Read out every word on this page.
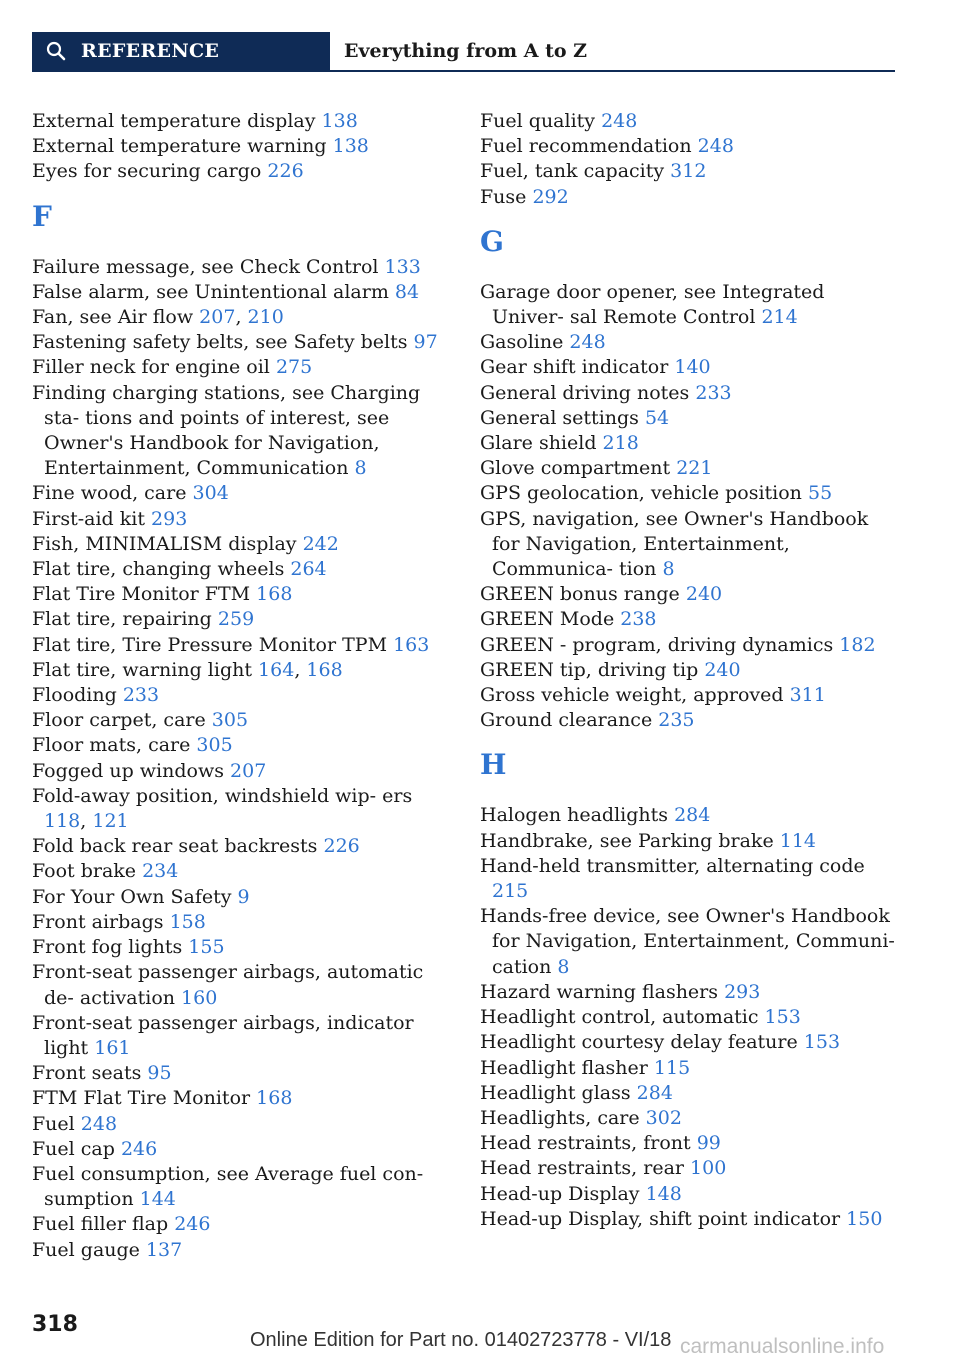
REFERENCE	Everything from A to Z
External temperature display 138
External temperature warning 138
Eyes for securing cargo 226
F
Failure message, see Check Control 133
False alarm, see Unintentional alarm 84
Fan, see Air flow 207, 210
Fastening safety belts, see Safety belts 97
Filler neck for engine oil 275
Finding charging stations, see Charging sta- tions and points of interest, see Owner's Handbook for Navigation, Entertainment, Communication 8
Fine wood, care 304
First-aid kit 293
Fish, MINIMALISM display 242
Flat tire, changing wheels 264
Flat Tire Monitor FTM 168
Flat tire, repairing 259
Flat tire, Tire Pressure Monitor TPM 163
Flat tire, warning light 164, 168
Flooding 233
Floor carpet, care 305
Floor mats, care 305
Fogged up windows 207
Fold-away position, windshield wip- ers 118, 121
Fold back rear seat backrests 226
Foot brake 234
For Your Own Safety 9
Front airbags 158
Front fog lights 155
Front-seat passenger airbags, automatic de- activation 160
Front-seat passenger airbags, indicator light 161
Front seats 95
FTM Flat Tire Monitor 168
Fuel 248
Fuel cap 246
Fuel consumption, see Average fuel con- sumption 144
Fuel filler flap 246
Fuel gauge 137
Fuel quality 248
Fuel recommendation 248
Fuel, tank capacity 312
Fuse 292
G
Garage door opener, see Integrated Univer- sal Remote Control 214
Gasoline 248
Gear shift indicator 140
General driving notes 233
General settings 54
Glare shield 218
Glove compartment 221
GPS geolocation, vehicle position 55
GPS, navigation, see Owner's Handbook for Navigation, Entertainment, Communica- tion 8
GREEN bonus range 240
GREEN Mode 238
GREEN - program, driving dynamics 182
GREEN tip, driving tip 240
Gross vehicle weight, approved 311
Ground clearance 235
H
Halogen headlights 284
Handbrake, see Parking brake 114
Hand-held transmitter, alternating code 215
Hands-free device, see Owner's Handbook for Navigation, Entertainment, Communi- cation 8
Hazard warning flashers 293
Headlight control, automatic 153
Headlight courtesy delay feature 153
Headlight flasher 115
Headlight glass 284
Headlights, care 302
Head restraints, front 99
Head restraints, rear 100
Head-up Display 148
Head-up Display, shift point indicator 150
318
Online Edition for Part no. 01402723778 - VI/18 carmanualsonline.info
